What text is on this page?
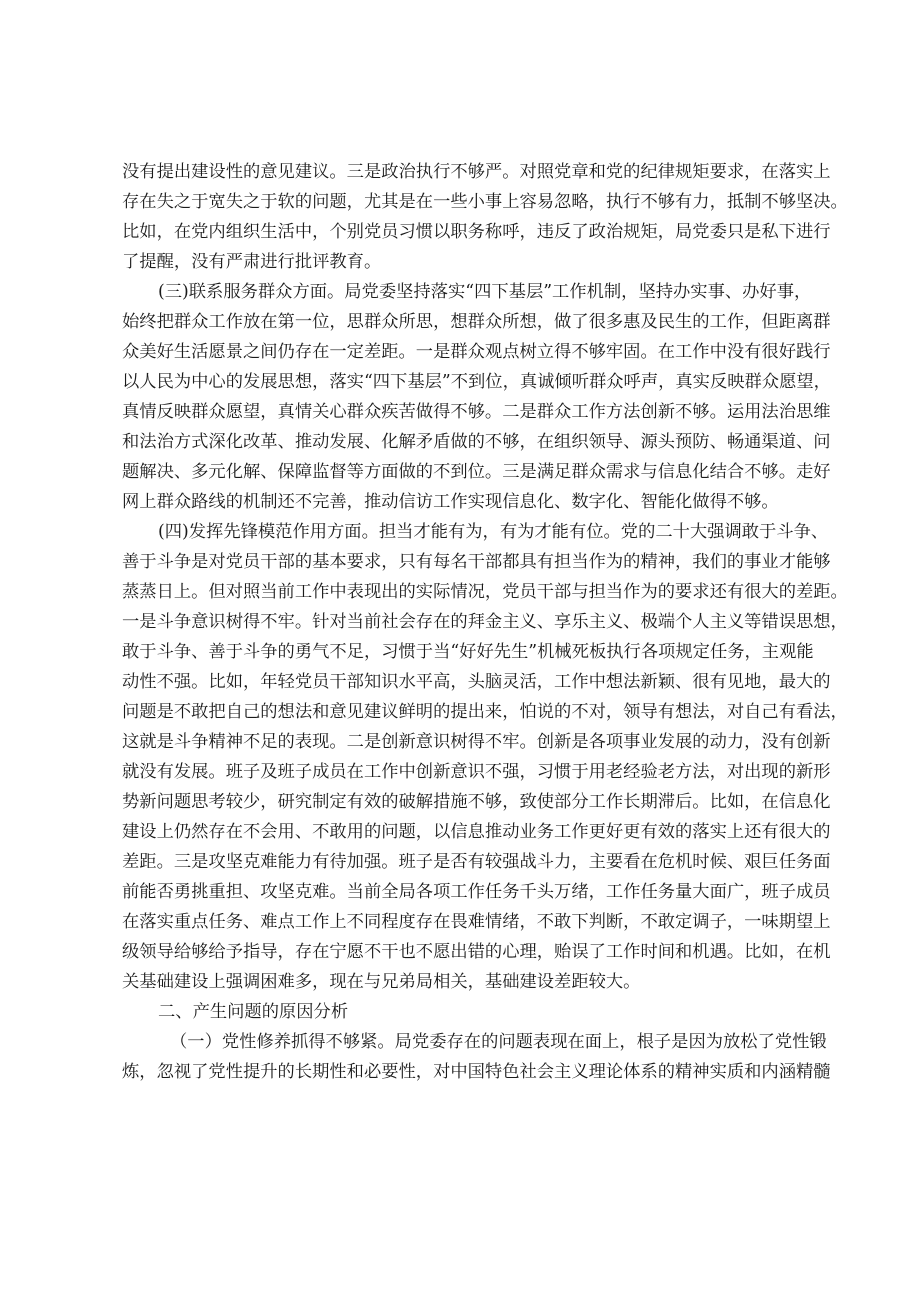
没有提出建设性的意见建议。三是政治执行不够严。对照党章和党的纪律规矩要求，在落实上
存在失之于宽失之于软的问题，尤其是在一些小事上容易忽略，执行不够有力，抵制不够坚决。
比如，在党内组织生活中，个别党员习惯以职务称呼，违反了政治规矩，局党委只是私下进行
了提醒，没有严肃进行批评教育。
(三)联系服务群众方面。局党委坚持落实“四下基层”工作机制，坚持办实事、办好事，
始终把群众工作放在第一位，思群众所思，想群众所想，做了很多惠及民生的工作，但距离群
众美好生活愿景之间仍存在一定差距。一是群众观点树立得不够牢固。在工作中没有很好践行
以人民为中心的发展思想，落实“四下基层”不到位，真诚倾听群众呼声，真实反映群众愿望，
真情反映群众愿望，真情关心群众疾苦做得不够。二是群众工作方法创新不够。运用法治思维
和法治方式深化改革、推动发展、化解矛盾做的不够，在组织领导、源头预防、畅通渠道、问
题解决、多元化解、保障监督等方面做的不到位。三是满足群众需求与信息化结合不够。走好
网上群众路线的机制还不完善，推动信访工作实现信息化、数字化、智能化做得不够。
(四)发挥先锋模范作用方面。担当才能有为，有为才能有位。党的二十大强调敢于斗争、
善于斗争是对党员干部的基本要求，只有每名干部都具有担当作为的精神，我们的事业才能够
蒸蒸日上。但对照当前工作中表现出的实际情况，党员干部与担当作为的要求还有很大的差距。
一是斗争意识树得不牢。针对当前社会存在的拜金主义、享乐主义、极端个人主义等错误思想，
敢于斗争、善于斗争的勇气不足，习惯于当“好好先生”机械死板执行各项规定任务，主观能
动性不强。比如，年轻党员干部知识水平高，头脑灵活，工作中想法新颖、很有见地，最大的
问题是不敢把自己的想法和意见建议鲜明的提出来，怕说的不对，领导有想法，对自己有看法，
这就是斗争精神不足的表现。二是创新意识树得不牢。创新是各项事业发展的动力，没有创新
就没有发展。班子及班子成员在工作中创新意识不强，习惯于用老经验老方法，对出现的新形
势新问题思考较少，研究制定有效的破解措施不够，致使部分工作长期滞后。比如，在信息化
建设上仍然存在不会用、不敢用的问题，以信息推动业务工作更好更有效的落实上还有很大的
差距。三是攻坚克难能力有待加强。班子是否有较强战斗力，主要看在危机时候、艰巨任务面
前能否勇挑重担、攻坚克难。当前全局各项工作任务千头万绪，工作任务量大面广，班子成员
在落实重点任务、难点工作上不同程度存在畏难情绪，不敢下判断，不敢定调子，一味期望上
级领导给够给予指导，存在宁愿不干也不愿出错的心理，贻误了工作时间和机遇。比如，在机
关基础建设上强调困难多，现在与兄弟局相关，基础建设差距较大。
二、产生问题的原因分析
（一）党性修养抓得不够紧。局党委存在的问题表现在面上，根子是因为放松了党性锻
炼，忽视了党性提升的长期性和必要性，对中国特色社会主义理论体系的精神实质和内涵精髓
